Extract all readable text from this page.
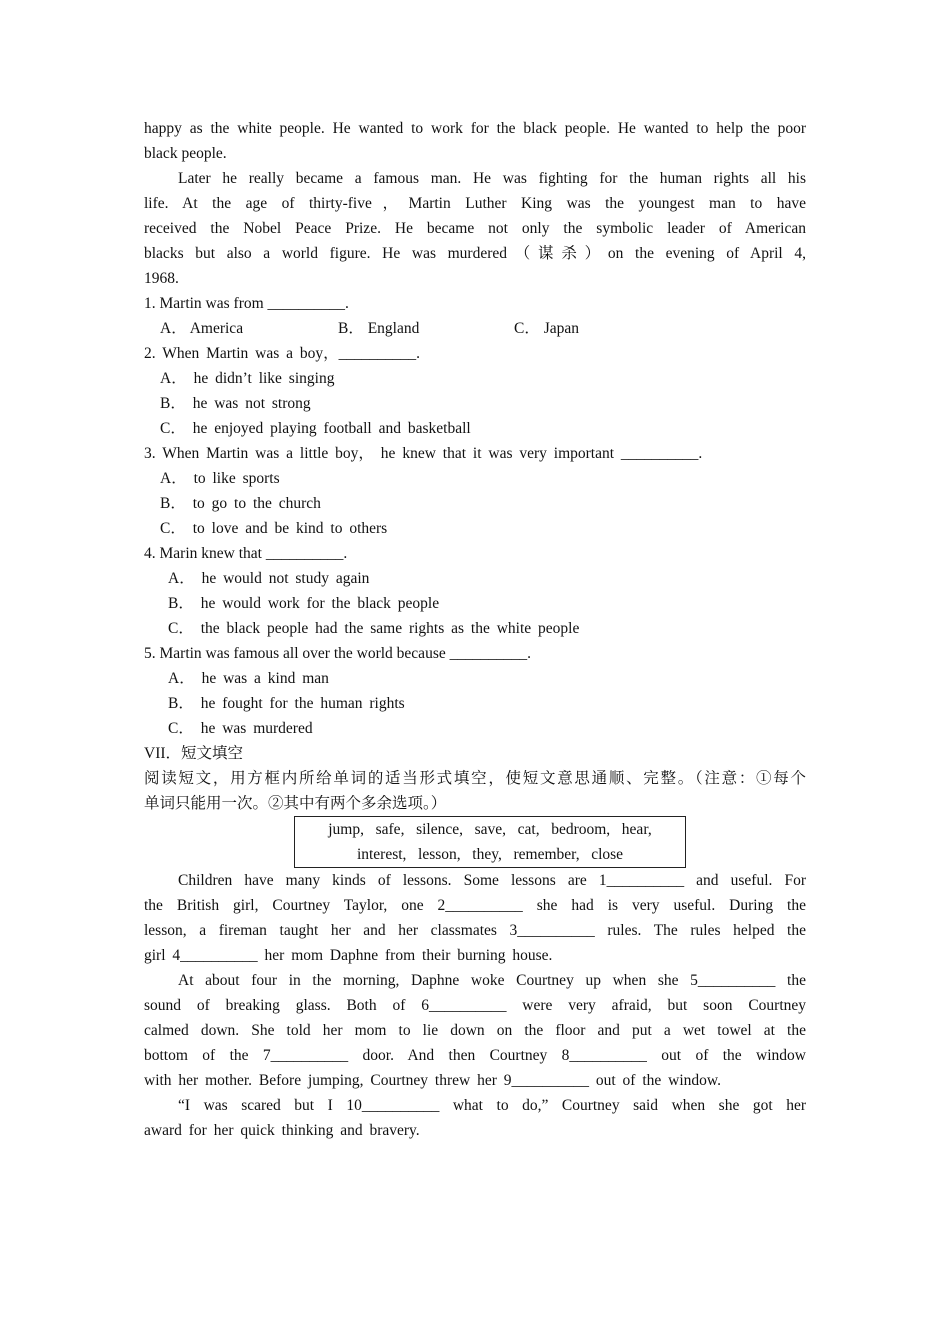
happy as the white people. He wanted to work for the black people. He wanted to help the poor
black people.
Later he really became a famous man. He was fighting for the human rights all his
life. At the age of thirty-five，Martin Luther King was the youngest man to have
received the Nobel Peace Prize. He became not only the symbolic leader of American
blacks but also a world figure. He was murdered（谋杀）on the evening of April 4,
1968.
1. Martin was from __________.
A． America	B． England	C． Japan
2. When Martin was a boy，__________.
A． he didn’t like singing
B． he was not strong
C． he enjoyed playing football and basketball
3. When Martin was a little boy， he knew that it was very important __________.
A． to like sports
B． to go to the church
C． to love and be kind to others
4. Marin knew that __________.
A． he would not study again
B． he would work for the black people
C． the black people had the same rights as the white people
5. Martin was famous all over the world because __________.
A． he was a kind man
B． he fought for the human rights
C． he was murdered
VII．短文填空
阅读短文，用方框内所给单词的适当形式填空，使短文意思通顺、完整。（注意：①每个
单词只能用一次。②其中有两个多余选项。）
jump,   safe,   silence,   save,   cat,   bedroom,   hear,
interest,   lesson,   they,   remember,   close
Children have many kinds of lessons. Some lessons are 1__________ and useful. For
the British girl, Courtney Taylor, one 2__________ she had is very useful. During the
lesson, a fireman taught her and her classmates 3__________ rules. The rules helped the
girl 4__________ her mom Daphne from their burning house.
At about four in the morning, Daphne woke Courtney up when she 5__________ the
sound of breaking glass. Both of 6__________ were very afraid, but soon Courtney
calmed down. She told her mom to lie down on the floor and put a wet towel at the
bottom of the 7__________ door. And then Courtney 8__________ out of the window
with her mother. Before jumping, Courtney threw her 9__________ out of the window.
“I was scared but I 10__________ what to do,” Courtney said when she got her
award for her quick thinking and bravery.
